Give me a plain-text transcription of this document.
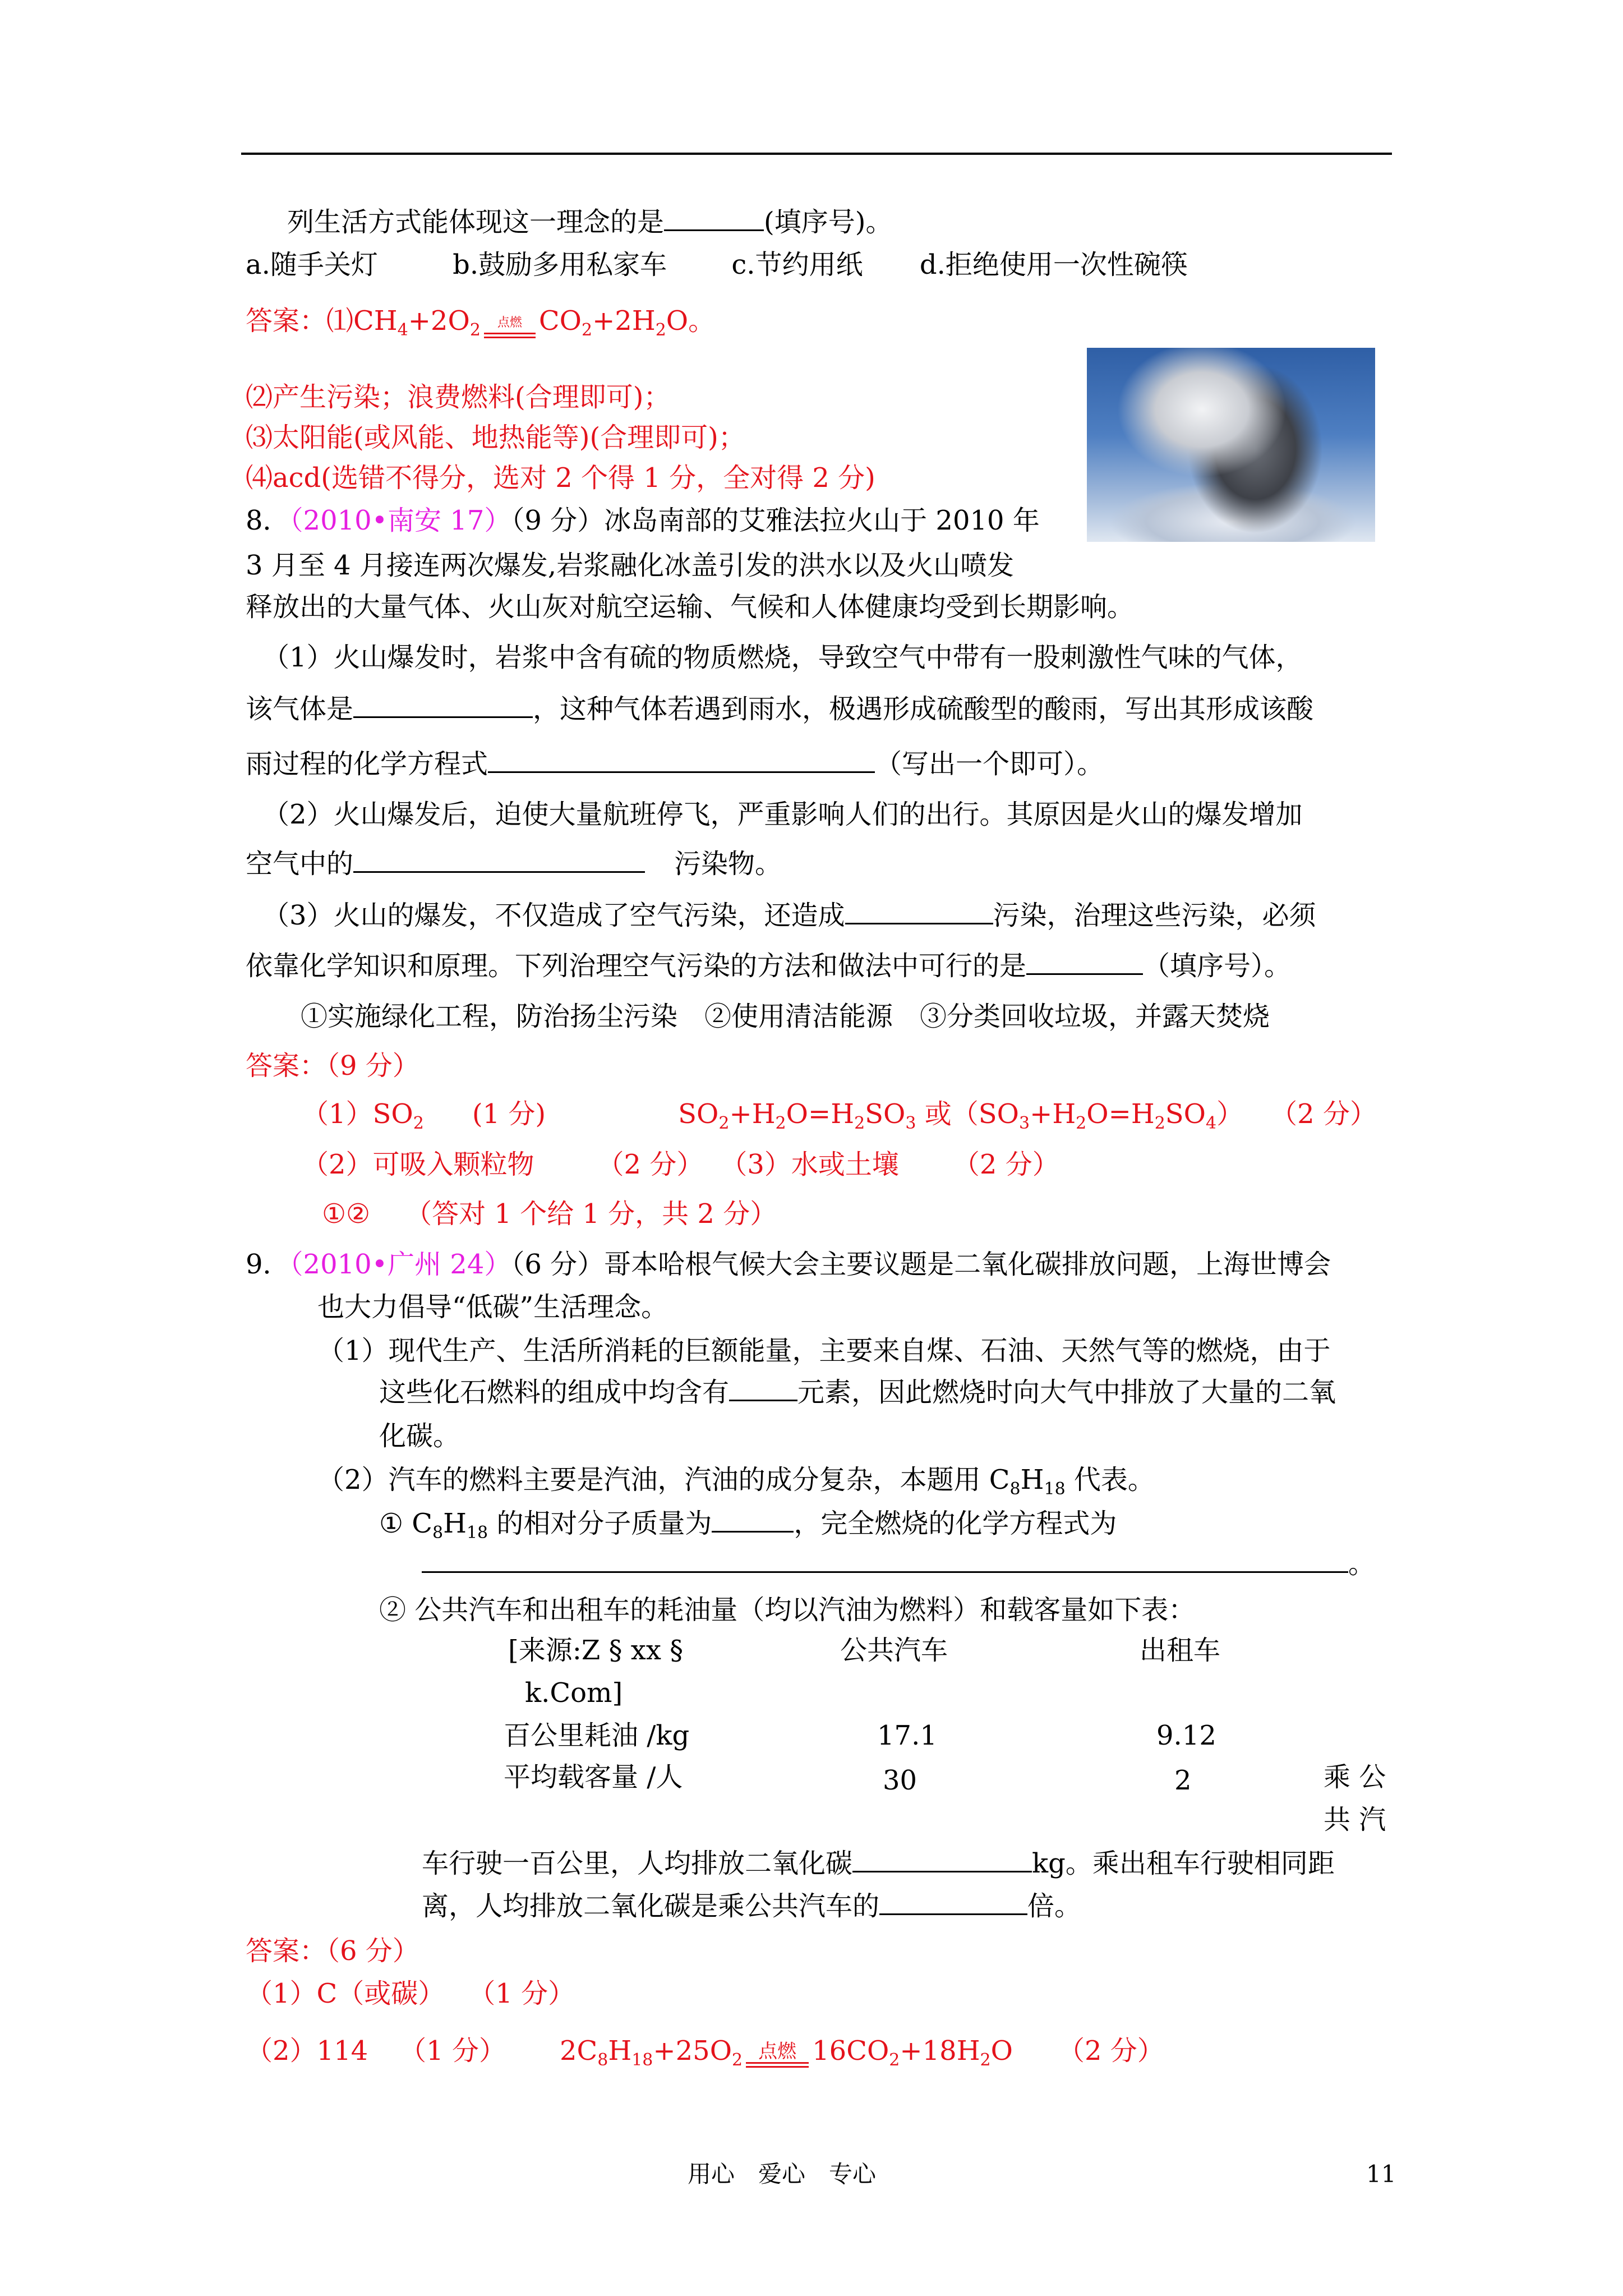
列生活方式能体现这一理念的是	(填序号)。
a.随手关灯	b.鼓励多用私家车 c.节约用纸 d.拒绝使用一次性碗筷
答案：$⑴CH_4+2O_2$	点燃 $CO_2+2H_2O$。
⑵产生污染；浪费燃料(合理即可)；
⑶太阳能(或风能、地热能等)(合理即可)；
⑷acd(选错不得分，选对 2 个得 1 分，全对得 2 分)
8．（2010•南安 17）（9 分）冰岛南部的艾雅法拉火山于 2010 年
3 月至 4 月接连两次爆发,岩浆融化冰盖引发的洪水以及火山喷发
释放出的大量气体、火山灰对航空运输、气候和人体健康均受到长期影响。
（1）火山爆发时，岩浆中含有硫的物质燃烧，导致空气中带有一股刺激性气味的气体，
该气体是	，这种气体若遇到雨水，极遇形成硫酸型的酸雨，写出其形成该酸
雨过程的化学方程式	（写出一个即可）。
（2）火山爆发后，迫使大量航班停飞，严重影响人们的出行。其原因是火山的爆发增加
空气中的	污染物。
（3）火山的爆发，不仅造成了空气污染，还造成	污染，治理这些污染，必须
依靠化学知识和原理。下列治理空气污染的方法和做法中可行的是	（填序号）。
①实施绿化工程，防治扬尘污染　②使用清洁能源　③分类回收垃圾，并露天焚烧
答案：（9 分）
$(1)SO_2$ (1 分)	$SO_2+H_2O=H_2SO_3$ 或$(SO_3+H_2O=H_2SO_4)$ （2 分）
（2）可吸入颗粒物 （2 分） （3）水或土壤 （2 分）
①② （答对 1 个给 1 分，共 2 分）
9．（2010•广州 24）（6 分）哥本哈根气候大会主要议题是二氧化碳排放问题，上海世博会
也大力倡导“低碳”生活理念。
（1）现代生产、生活所消耗的巨额能量，主要来自煤、石油、天然气等的燃烧，由于
这些化石燃料的组成中均含有	元素，因此燃烧时向大气中排放了大量的二氧
化碳。
（2）汽车的燃料主要是汽油，汽油的成分复杂，本题用 $C_8H_{18}$ 代表。
① $C_8H_{18}$ 的相对分子质量为	，完全燃烧的化学方程式为
。
② 公共汽车和出租车的耗油量（均以汽油为燃料）和载客量如下表：
[来源:Z § xx §	公共汽车	出租车
k.Com]
百公里耗油 /kg	17.1	9.12
平均载客量 /人	30	2	乘 公
共 汽
车行驶一百公里，人均排放二氧化碳	kg。乘出租车行驶相同距
离，人均排放二氧化碳是乘公共汽车的	倍。
答案：（6 分）
（1）C（或碳） （1 分）
（2）114 （1 分） $2C_8H_{18}+25O_2$ 点燃 $16CO_2+18H_2O$ （2 分）
用心　爱心　专心	11
